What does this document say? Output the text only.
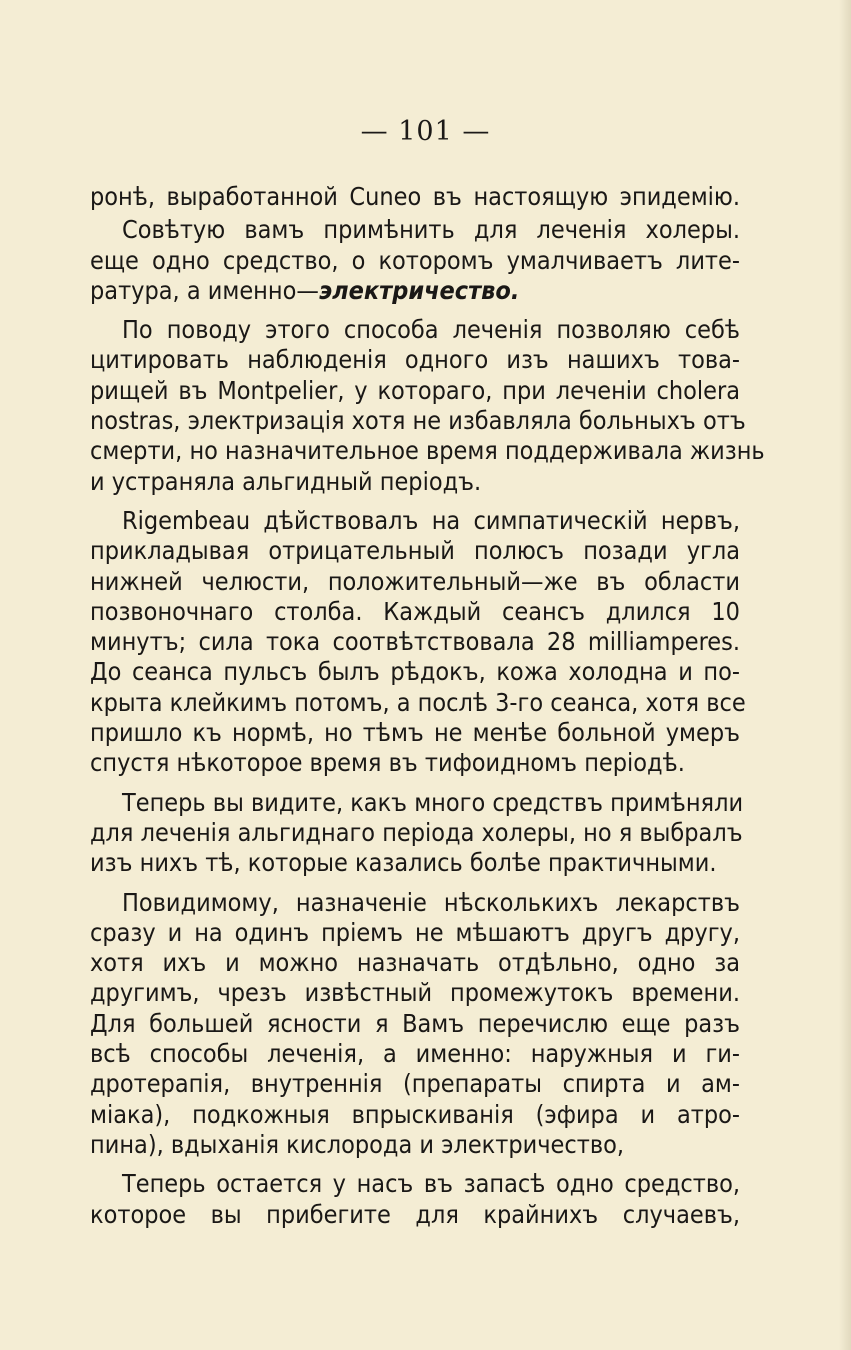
— 101 —
ронѣ, выработанной Cuneo въ настоящую эпидемію.
Совѣтую вамъ примѣнить для леченія холеры.
еще одно средство, о которомъ умалчиваетъ лите-
ратура, а именно—электричество.
По поводу этого способа леченія позволяю себѣ
цитировать наблюденія одного изъ нашихъ това-
рищей въ Montpelier, у котораго, при леченіи cholera
nostras, электризація хотя не избавляла больныхъ отъ
смерти, но назначительное время поддерживала жизнь
и устраняла альгидный періодъ.
Rigembeau дѣйствовалъ на симпатическій нервъ,
прикладывая отрицательный полюсъ позади угла
нижней челюсти, положительный—же въ области
позвоночнаго столба. Каждый сеансъ длился 10
минутъ; сила тока соотвѣтствовала 28 milliamperes.
До сеанса пульсъ былъ рѣдокъ, кожа холодна и по-
крыта клейкимъ потомъ, а послѣ 3-го сеанса, хотя все
пришло къ нормѣ, но тѣмъ не менѣе больной умеръ
спустя нѣкоторое время въ тифоидномъ періодѣ.
Теперь вы видите, какъ много средствъ примѣняли
для леченія альгиднаго періода холеры, но я выбралъ
изъ нихъ тѣ, которые казались болѣе практичными.
Повидимому, назначеніе нѣсколькихъ лекарствъ
сразу и на одинъ пріемъ не мѣшаютъ другъ другу,
хотя ихъ и можно назначать отдѣльно, одно за
другимъ, чрезъ извѣстный промежутокъ времени.
Для большей ясности я Вамъ перечислю еще разъ
всѣ способы леченія, а именно: наружныя и ги-
дротерапія, внутреннія (препараты спирта и ам-
міака), подкожныя впрыскиванія (эфира и атро-
пина), вдыханія кислорода и электричество,
Теперь остается у насъ въ запасѣ одно средство,
которое вы прибегите для крайнихъ случаевъ,
